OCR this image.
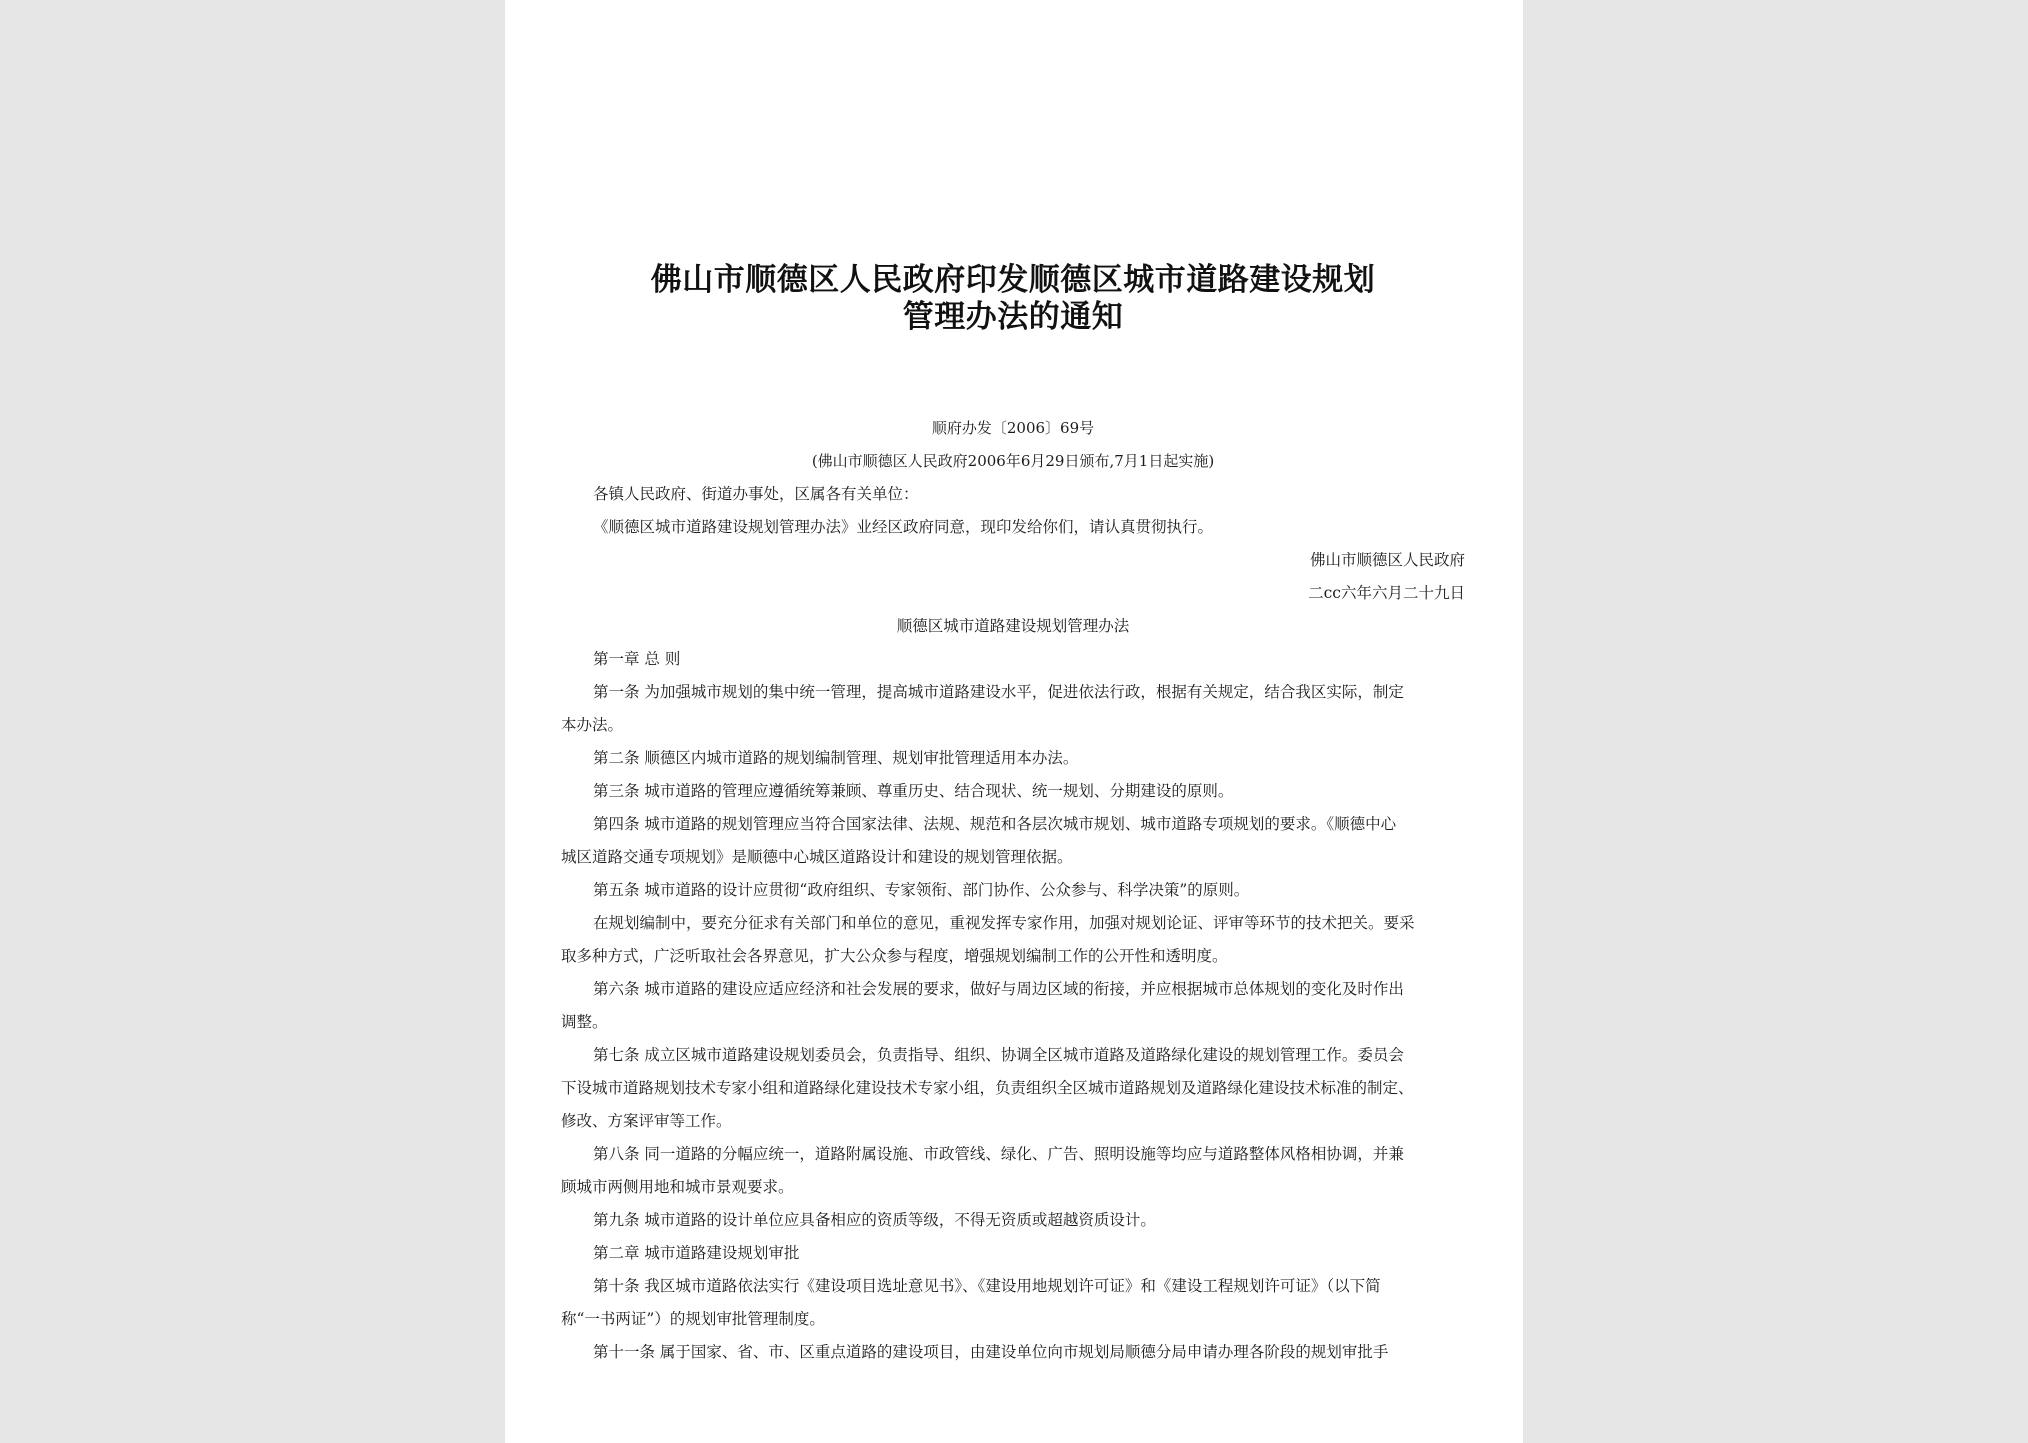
佛山市顺德区人民政府印发顺德区城市道路建设规划
管理办法的通知
顺府办发〔2006〕69号
(佛山市顺德区人民政府2006年6月29日颁布,7月1日起实施)
各镇人民政府、街道办事处，区属各有关单位：
《顺德区城市道路建设规划管理办法》业经区政府同意，现印发给你们，请认真贯彻执行。
佛山市顺德区人民政府
二cc六年六月二十九日
顺德区城市道路建设规划管理办法
第一章 总 则
第一条 为加强城市规划的集中统一管理，提高城市道路建设水平，促进依法行政，根据有关规定，结合我区实际，制定
本办法。
第二条 顺德区内城市道路的规划编制管理、规划审批管理适用本办法。
第三条 城市道路的管理应遵循统筹兼顾、尊重历史、结合现状、统一规划、分期建设的原则。
第四条 城市道路的规划管理应当符合国家法律、法规、规范和各层次城市规划、城市道路专项规划的要求。《顺德中心
城区道路交通专项规划》是顺德中心城区道路设计和建设的规划管理依据。
第五条 城市道路的设计应贯彻“政府组织、专家领衔、部门协作、公众参与、科学决策”的原则。
在规划编制中，要充分征求有关部门和单位的意见，重视发挥专家作用，加强对规划论证、评审等环节的技术把关。要采
取多种方式，广泛听取社会各界意见，扩大公众参与程度，增强规划编制工作的公开性和透明度。
第六条 城市道路的建设应适应经济和社会发展的要求，做好与周边区域的衔接，并应根据城市总体规划的变化及时作出
调整。
第七条 成立区城市道路建设规划委员会，负责指导、组织、协调全区城市道路及道路绿化建设的规划管理工作。委员会
下设城市道路规划技术专家小组和道路绿化建设技术专家小组，负责组织全区城市道路规划及道路绿化建设技术标准的制定、
修改、方案评审等工作。
第八条 同一道路的分幅应统一，道路附属设施、市政管线、绿化、广告、照明设施等均应与道路整体风格相协调，并兼
顾城市两侧用地和城市景观要求。
第九条 城市道路的设计单位应具备相应的资质等级，不得无资质或超越资质设计。
第二章 城市道路建设规划审批
第十条 我区城市道路依法实行《建设项目选址意见书》、《建设用地规划许可证》和《建设工程规划许可证》（以下简
称“一书两证”）的规划审批管理制度。
第十一条 属于国家、省、市、区重点道路的建设项目，由建设单位向市规划局顺德分局申请办理各阶段的规划审批手
